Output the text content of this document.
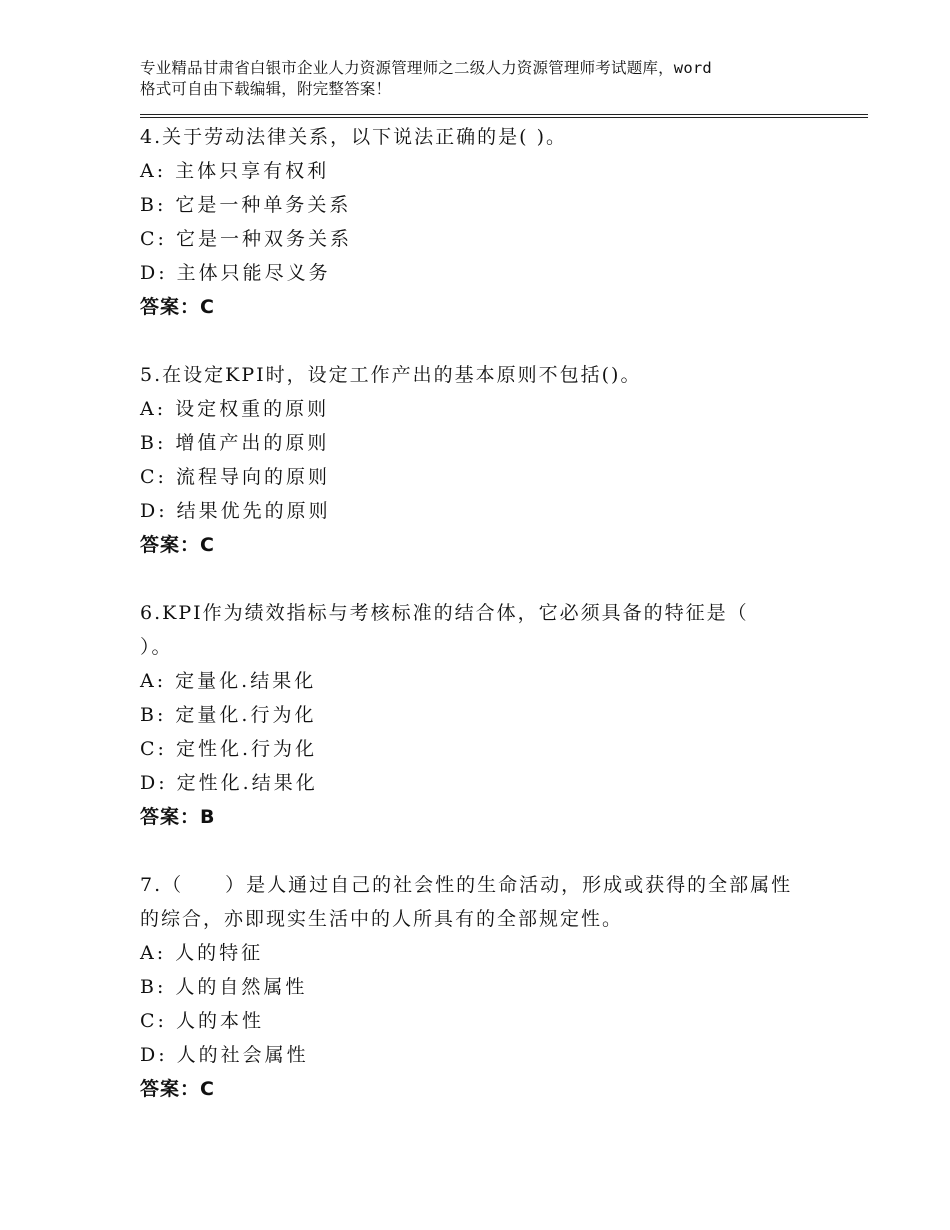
专业精品甘肃省白银市企业人力资源管理师之二级人力资源管理师考试题库，word
格式可自由下载编辑，附完整答案！
4.关于劳动法律关系，以下说法正确的是( )。
A: 主体只享有权利
B: 它是一种单务关系
C: 它是一种双务关系
D: 主体只能尽义务
答案：C
5.在设定KPI时，设定工作产出的基本原则不包括()。
A: 设定权重的原则
B: 增值产出的原则
C: 流程导向的原则
D: 结果优先的原则
答案：C
6.KPI作为绩效指标与考核标准的结合体，它必须具备的特征是（ ）。
A: 定量化.结果化
B: 定量化.行为化
C: 定性化.行为化
D: 定性化.结果化
答案：B
7.（　　）是人通过自己的社会性的生命活动，形成或获得的全部属性的综合，亦即现实生活中的人所具有的全部规定性。
A: 人的特征
B: 人的自然属性
C: 人的本性
D: 人的社会属性
答案：C
